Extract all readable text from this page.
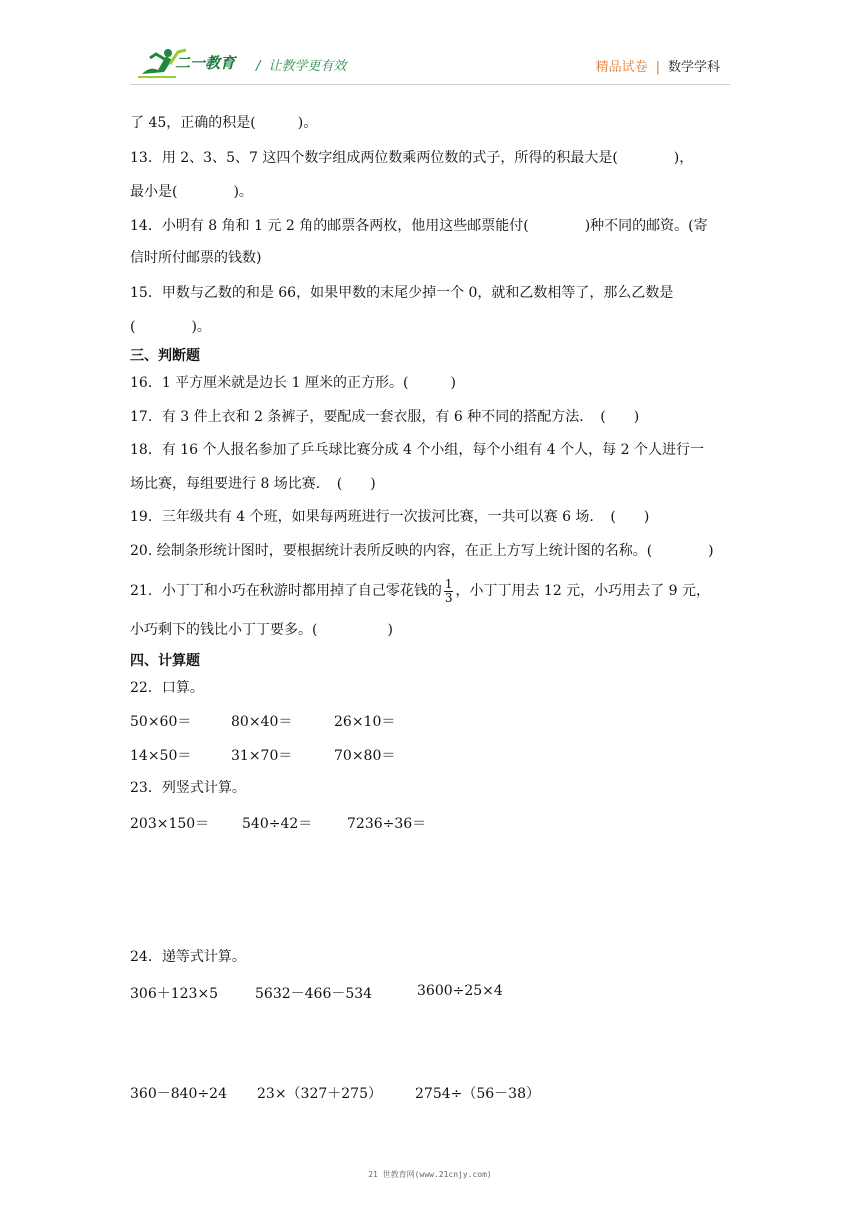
二一教育 / 让教学更有效	精品试卷 | 数学学科
了 45，正确的积是(　　　)。
13．用 2、3、5、7 这四个数字组成两位数乘两位数的式子，所得的积最大是(　　　　)，
最小是(　　　　)。
14．小明有 8 角和 1 元 2 角的邮票各两枚，他用这些邮票能付(　　　　)种不同的邮资。(寄
信时所付邮票的钱数)
15．甲数与乙数的和是 66，如果甲数的末尾少掉一个 0，就和乙数相等了，那么乙数是
(　　　　)。
三、判断题
16．1 平方厘米就是边长 1 厘米的正方形。(　　　)
17．有 3 件上衣和 2 条裤子，要配成一套衣服，有 6 种不同的搭配方法．　(　　)
18．有 16 个人报名参加了乒乓球比赛分成 4 个小组，每个小组有 4 个人，每 2 个人进行一
场比赛，每组要进行 8 场比赛．　(　　)
19．三年级共有 4 个班，如果每两班进行一次拔河比赛，一共可以赛 6 场．　(　　)
20. 绘制条形统计图时，要根据统计表所反映的内容，在正上方写上统计图的名称。(　　　　)
21．小丁丁和小巧在秋游时都用掉了自己零花钱的 $\frac{1}{3}$ ，小丁丁用去 12 元，小巧用去了 9 元，
小巧剩下的钱比小丁丁要多。(　　　　　)
四、计算题
22．口算。
50×60＝	80×40＝	26×10＝
14×50＝	31×70＝	70×80＝
23．列竖式计算。
203×150＝ 540÷42＝ 7236÷36＝
24．递等式计算。
306＋123×5	5632－466－534	3600÷25×4
360－840÷24 23×（327＋275） 2754÷（56－38）
21 世教育网(www.21cnjy.com)
